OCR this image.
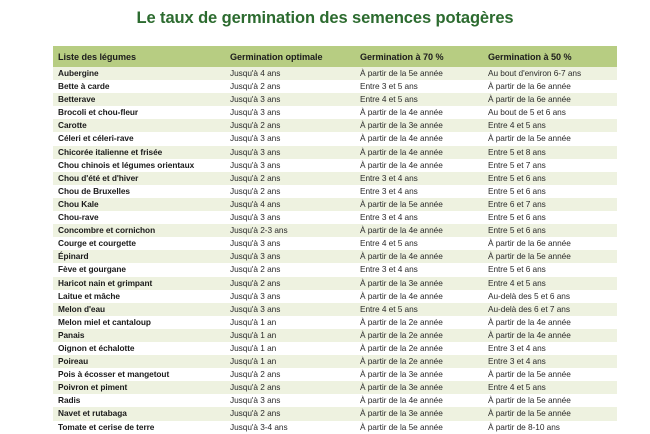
Le taux de germination des semences potagères
Liste des légumes	Germination optimale	Germination à 70 %	Germination à 50 %
Aubergine	Jusqu'à 4 ans	À partir de la 5e année	Au bout d'environ 6-7 ans
Bette à carde	Jusqu'à 2 ans	Entre 3 et 5 ans	À partir de la 6e année
Betterave	Jusqu'à 3 ans	Entre 4 et 5 ans	À partir de la 6e année
Brocoli et chou-fleur	Jusqu'à 3 ans	À partir de la 4e année	Au bout de 5 et 6 ans
Carotte	Jusqu'à 2 ans	À partir de la 3e année	Entre 4 et 5 ans
Céleri et céleri-rave	Jusqu'à 3 ans	À partir de la 4e année	À partir de la 5e année
Chicorée italienne et frisée	Jusqu'à 3 ans	À partir de la 4e année	Entre 5 et 8 ans
Chou chinois et légumes orientaux	Jusqu'à 3 ans	À partir de la 4e année	Entre 5 et 7 ans
Chou d'été et d'hiver	Jusqu'à 2 ans	Entre 3 et 4 ans	Entre 5 et 6 ans
Chou de Bruxelles	Jusqu'à 2 ans	Entre 3 et 4 ans	Entre 5 et 6 ans
Chou Kale	Jusqu'à 4 ans	À partir de la 5e année	Entre 6 et 7 ans
Chou-rave	Jusqu'à 3 ans	Entre 3 et 4 ans	Entre 5 et 6 ans
Concombre et cornichon	Jusqu'à 2-3 ans	À partir de la 4e année	Entre 5 et 6 ans
Courge et courgette	Jusqu'à 3 ans	Entre 4 et 5 ans	À partir de la 6e année
Épinard	Jusqu'à 3 ans	À partir de la 4e année	À partir de la 5e année
Fève et gourgane	Jusqu'à 2 ans	Entre 3 et 4 ans	Entre 5 et 6 ans
Haricot nain et grimpant	Jusqu'à 2 ans	À partir de la 3e année	Entre 4 et 5 ans
Laitue et mâche	Jusqu'à 3 ans	À partir de la 4e année	Au-delà des 5 et 6 ans
Melon d'eau	Jusqu'à 3 ans	Entre 4 et 5 ans	Au-delà des 6 et 7 ans
Melon miel et cantaloup	Jusqu'à 1 an	À partir de la 2e année	À partir de la 4e année
Panais	Jusqu'à 1 an	À partir de la 2e année	À partir de la 4e année
Oignon et échalotte	Jusqu'à 1 an	À partir de la 2e année	Entre 3 et 4 ans
Poireau	Jusqu'à 1 an	À partir de la 2e année	Entre 3 et 4 ans
Pois à écosser et mangetout	Jusqu'à 2 ans	À partir de la 3e année	À partir de la 5e année
Poivron et piment	Jusqu'à 2 ans	À partir de la 3e année	Entre 4 et 5 ans
Radis	Jusqu'à 3 ans	À partir de la 4e année	À partir de la 5e année
Navet et rutabaga	Jusqu'à 2 ans	À partir de la 3e année	À partir de la 5e année
Tomate et cerise de terre	Jusqu'à 3-4 ans	À partir de la 5e année	À partir de 8-10 ans
